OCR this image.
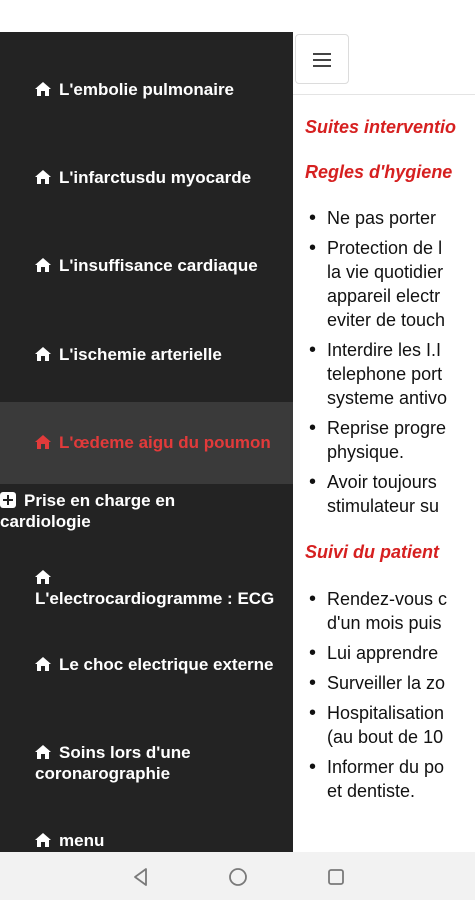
L'embolie pulmonaire
L'infarctusdu myocarde
L'insuffisance cardiaque
L'ischemie arterielle
L'œdeme aigu du poumon
Prise en charge en cardiologie

L'electrocardiogramme : ECG
Le choc electrique externe
Soins lors d'une coronarographie
menu
Suites interventio
Regles d'hygiene
• Ne pas porter
• Protection de l
la vie quotidier
appareil electr
eviter de touch
• Interdire les I.I
telephone port
systeme antivo
• Reprise progre
physique.
• Avoir toujours
stimulateur su
Suivi du patient
• Rendez-vous c
d'un mois puis
• Lui apprendre
• Surveiller la zo
• Hospitalisation
(au bout de 10
• Informer du po
et dentiste.
